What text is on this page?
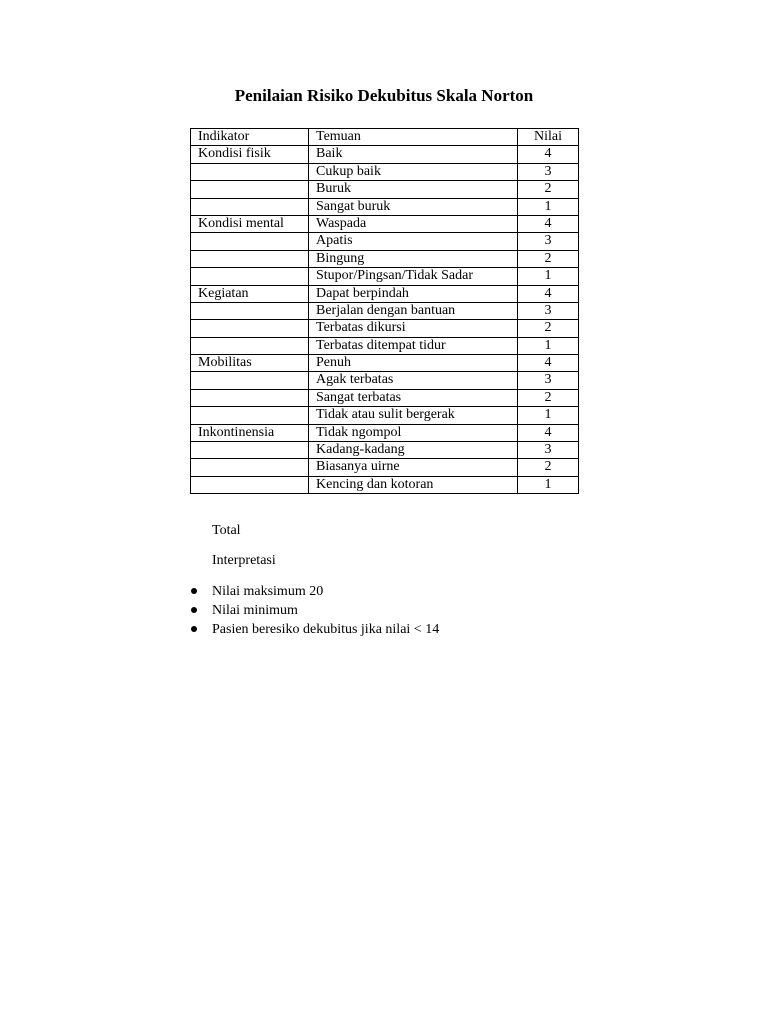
Penilaian Risiko Dekubitus Skala Norton
Indikator	Temuan	Nilai
Kondisi fisik	Baik	4
	Cukup baik	3
	Buruk	2
	Sangat buruk	1
Kondisi mental	Waspada	4
	Apatis	3
	Bingung	2
	Stupor/Pingsan/Tidak Sadar	1
Kegiatan	Dapat berpindah	4
	Berjalan dengan bantuan	3
	Terbatas dikursi	2
	Terbatas ditempat tidur	1
Mobilitas	Penuh	4
	Agak terbatas	3
	Sangat terbatas	2
	Tidak atau sulit bergerak	1
Inkontinensia	Tidak ngompol	4
	Kadang-kadang	3
	Biasanya uirne	2
	Kencing dan kotoran	1
Total
Interpretasi
Nilai maksimum 20
Nilai minimum
Pasien beresiko dekubitus jika nilai < 14
